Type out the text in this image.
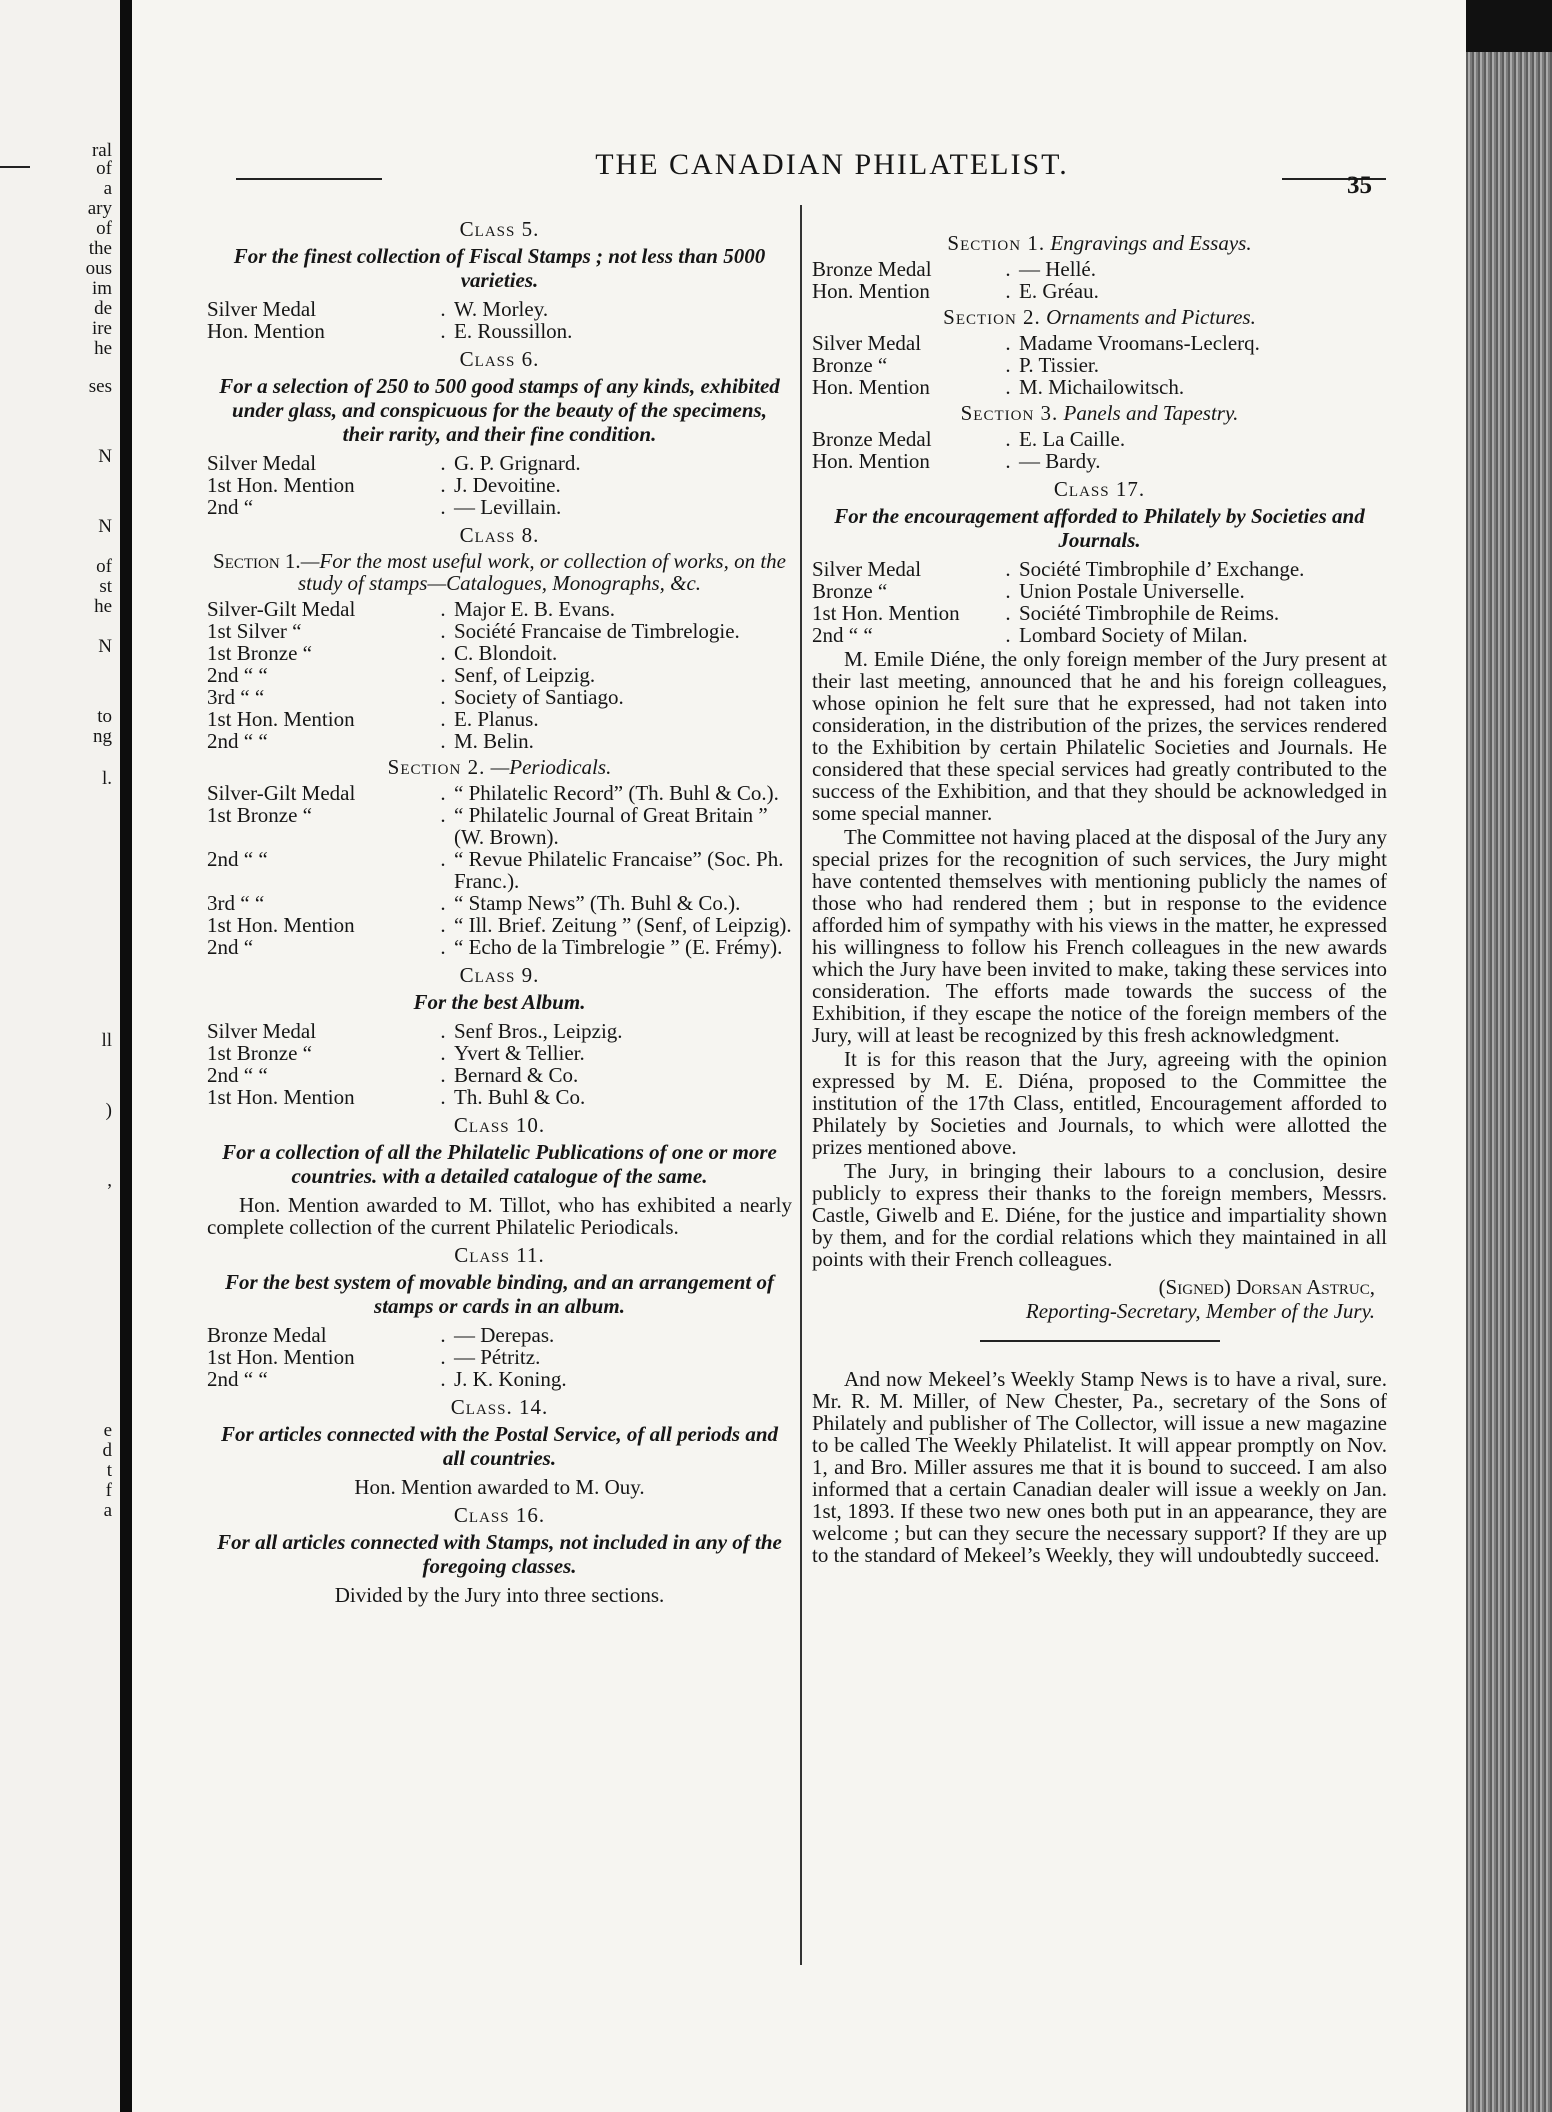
ral
of
a
ary
of
the
ous
im
de
ire
he
ses
N
N
of
st
he
N
to
ng
l.
ll
)
,
e
d
t
f
a
THE CANADIAN PHILATELIST.
35
Class 5.
For the finest collection of Fiscal Stamps ; not less than 5000 varieties.
Silver Medal	. W. Morley.
Hon. Mention	. E. Roussillon.
Class 6.
For a selection of 250 to 500 good stamps of any kinds, exhibited under glass, and conspicuous for the beauty of the specimens, their rarity, and their fine condition.
Silver Medal	. G. P. Grignard.
1st Hon. Mention	. J. Devoitine.
2nd “	. — Levillain.
Class 8.
Section 1.—For the most useful work, or collection of works, on the study of stamps—Catalogues, Monographs, &c.
Silver-Gilt Medal	. Major E. B. Evans.
1st Silver “	. Société Francaise de Timbrelogie.
1st Bronze “	. C. Blondoit.
2nd “ “	. Senf, of Leipzig.
3rd “ “	. Society of Santiago.
1st Hon. Mention	. E. Planus.
2nd “ “	. M. Belin.
Section 2. —Periodicals.
Silver-Gilt Medal	. “ Philatelic Record” (Th. Buhl & Co.).
1st Bronze “	. “ Philatelic Journal of Great Britain ” (W. Brown).
2nd “ “	. “ Revue Philatelic Francaise” (Soc. Ph. Franc.).
3rd “ “	. “ Stamp News” (Th. Buhl & Co.).
1st Hon. Mention	. “ Ill. Brief. Zeitung ” (Senf, of Leipzig).
2nd “	. “ Echo de la Timbrelogie ” (E. Frémy).
Class 9.
For the best Album.
Silver Medal	. Senf Bros., Leipzig.
1st Bronze “	. Yvert & Tellier.
2nd “ “	. Bernard & Co.
1st Hon. Mention	. Th. Buhl & Co.
Class 10.
For a collection of all the Philatelic Publications of one or more countries. with a detailed catalogue of the same.

Hon. Mention awarded to M. Tillot, who has exhibited a nearly complete collection of the current Philatelic Periodicals.

Class 11.
For the best system of movable binding, and an arrangement of stamps or cards in an album.
Bronze Medal	. — Derepas.
1st Hon. Mention	. — Pétritz.
2nd “ “	. J. K. Koning.
Class. 14.
For articles connected with the Postal Service, of all periods and all countries.

Hon. Mention awarded to M. Ouy.

Class 16.
For all articles connected with Stamps, not included in any of the foregoing classes.

Divided by the Jury into three sections.

Section 1. Engravings and Essays.
Bronze Medal	. — Hellé.
Hon. Mention	. E. Gréau.
Section 2. Ornaments and Pictures.
Silver Medal	. Madame Vroomans-Leclerq.
Bronze “	. P. Tissier.
Hon. Mention	. M. Michailowitsch.
Section 3. Panels and Tapestry.
Bronze Medal	. E. La Caille.
Hon. Mention	. — Bardy.
Class 17.
For the encouragement afforded to Philately by Societies and Journals.
Silver Medal	. Société Timbrophile d’ Exchange.
Bronze “	. Union Postale Universelle.
1st Hon. Mention	. Société Timbrophile de Reims.
2nd “ “	. Lombard Society of Milan.

M. Emile Diéne, the only foreign member of the Jury present at their last meeting, announced that he and his foreign colleagues, whose opinion he felt sure that he expressed, had not taken into consideration, in the distribution of the prizes, the services rendered to the Exhibition by certain Philatelic Societies and Journals. He considered that these special services had greatly contributed to the success of the Exhibition, and that they should be acknowledged in some special manner.

The Committee not having placed at the disposal of the Jury any special prizes for the recognition of such services, the Jury might have contented themselves with mentioning publicly the names of those who had rendered them ; but in response to the evidence afforded him of sympathy with his views in the matter, he expressed his willingness to follow his French colleagues in the new awards which the Jury have been invited to make, taking these services into consideration. The efforts made towards the success of the Exhibition, if they escape the notice of the foreign members of the Jury, will at least be recognized by this fresh acknowledgment.

It is for this reason that the Jury, agreeing with the opinion expressed by M. E. Diéna, proposed to the Committee the institution of the 17th Class, entitled, Encouragement afforded to Philately by Societies and Journals, to which were allotted the prizes mentioned above.

The Jury, in bringing their labours to a conclusion, desire publicly to express their thanks to the foreign members, Messrs. Castle, Giwelb and E. Diéne, for the justice and impartiality shown by them, and for the cordial relations which they maintained in all points with their French colleagues.

(Signed) Dorsan Astruc,
Reporting-Secretary, Member of the Jury.

And now Mekeel’s Weekly Stamp News is to have a rival, sure. Mr. R. M. Miller, of New Chester, Pa., secretary of the Sons of Philately and publisher of The Collector, will issue a new magazine to be called The Weekly Philatelist. It will appear promptly on Nov. 1, and Bro. Miller assures me that it is bound to succeed. I am also informed that a certain Canadian dealer will issue a weekly on Jan. 1st, 1893. If these two new ones both put in an appearance, they are welcome ; but can they secure the necessary support? If they are up to the standard of Mekeel’s Weekly, they will undoubtedly succeed.
